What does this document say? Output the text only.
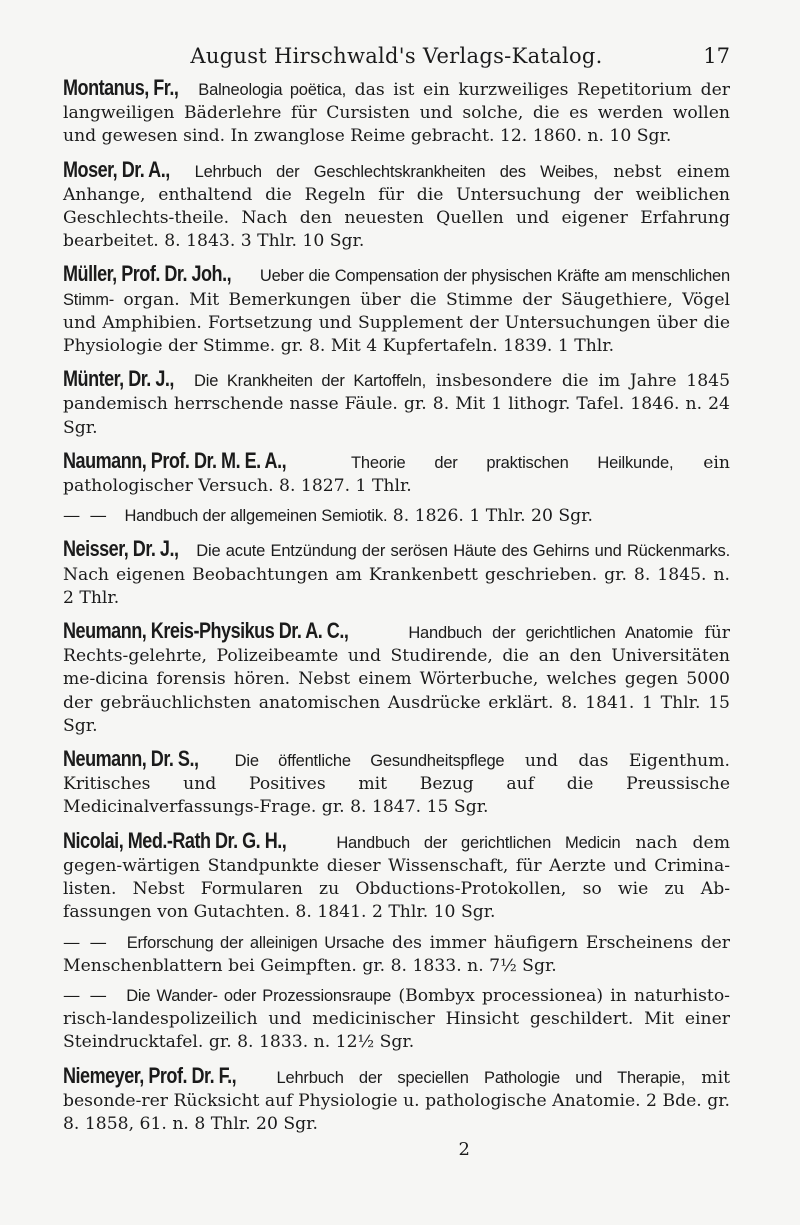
August Hirschwald's Verlags-Katalog.	17
Montanus, Fr., Balneologia poëtica, das ist ein kurzweiliges Repetitorium der langweiligen Bäderlehre für Cursisten und solche, die es werden wollen und gewesen sind. In zwanglose Reime gebracht. 12. 1860. n. 10 Sgr.
Moser, Dr. A., Lehrbuch der Geschlechtskrankheiten des Weibes, nebst einem Anhange, enthaltend die Regeln für die Untersuchung der weiblichen Geschlechts-theile. Nach den neuesten Quellen und eigener Erfahrung bearbeitet. 8. 1843. 3 Thlr. 10 Sgr.
Müller, Prof. Dr. Joh., Ueber die Compensation der physischen Kräfte am menschlichen Stimm- organ. Mit Bemerkungen über die Stimme der Säugethiere, Vögel und Amphibien. Fortsetzung und Supplement der Untersuchungen über die Physiologie der Stimme. gr. 8. Mit 4 Kupfertafeln. 1839. 1 Thlr.
Münter, Dr. J., Die Krankheiten der Kartoffeln, insbesondere die im Jahre 1845 pandemisch herrschende nasse Fäule. gr. 8. Mit 1 lithogr. Tafel. 1846. n. 24 Sgr.
Naumann, Prof. Dr. M. E. A.,	Theorie der praktischen Heilkunde, ein pathologischer Versuch. 8. 1827. 1 Thlr.
— — Handbuch der allgemeinen Semiotik. 8. 1826. 1 Thlr. 20 Sgr.
Neisser, Dr. J., Die acute Entzündung der serösen Häute des Gehirns und Rückenmarks. Nach eigenen Beobachtungen am Krankenbett geschrieben. gr. 8. 1845. n. 2 Thlr.
Neumann, Kreis-Physikus Dr. A. C.,	Handbuch der gerichtlichen Anatomie für Rechts-gelehrte, Polizeibeamte und Studirende, die an den Universitäten me-dicina forensis hören. Nebst einem Wörterbuche, welches gegen 5000 der gebräuchlichsten anatomischen Ausdrücke erklärt. 8. 1841. 1 Thlr. 15 Sgr.
Neumann, Dr. S., Die öffentliche Gesundheitspflege und das Eigenthum. Kritisches und Positives mit Bezug auf die Preussische Medicinalverfassungs-Frage. gr. 8. 1847. 15 Sgr.
Nicolai, Med.-Rath Dr. G. H.,	Handbuch der gerichtlichen Medicin nach dem gegen-wärtigen Standpunkte dieser Wissenschaft, für Aerzte und Crimina-listen. Nebst Formularen zu Obductions-Protokollen, so wie zu Ab-fassungen von Gutachten. 8. 1841. 2 Thlr. 10 Sgr.
— — Erforschung der alleinigen Ursache des immer häufigern Erscheinens der Menschenblattern bei Geimpften. gr. 8. 1833. n. 7½ Sgr.
— — Die Wander- oder Prozessionsraupe (Bombyx processionea) in naturhisto-risch-landespolizeilich und medicinischer Hinsicht geschildert. Mit einer Steindrucktafel. gr. 8. 1833. n. 12½ Sgr.
Niemeyer, Prof. Dr. F., Lehrbuch der speciellen Pathologie und Therapie, mit besonde-rer Rücksicht auf Physiologie u. pathologische Anatomie. 2 Bde. gr. 8. 1858, 61. n. 8 Thlr. 20 Sgr.
2
